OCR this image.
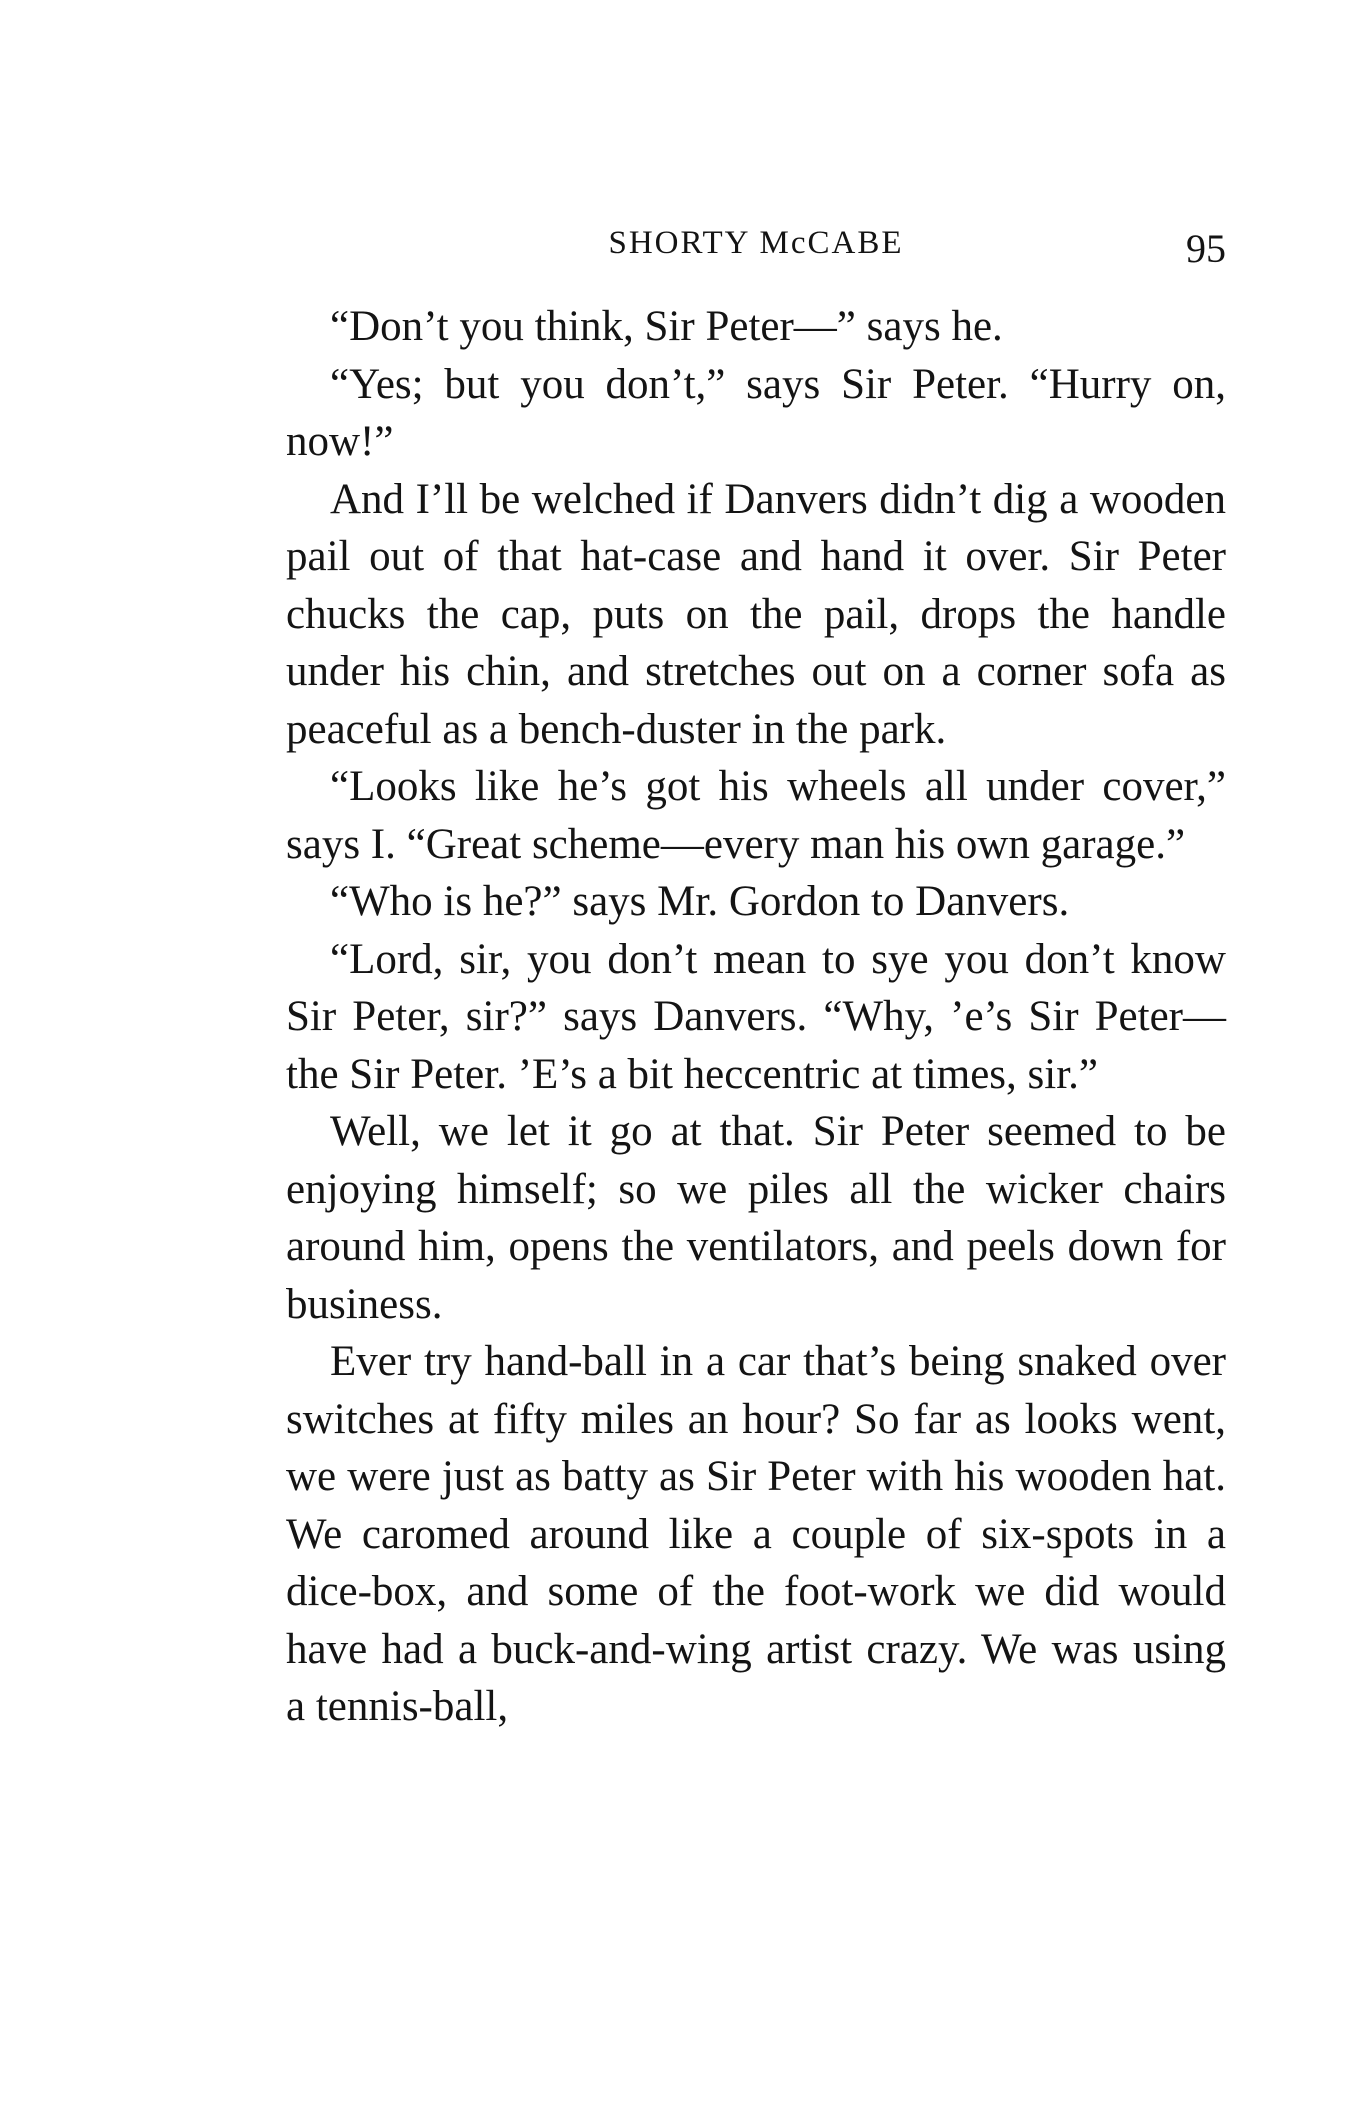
SHORTY McCABE	95

“Don’t you think, Sir Peter—” says he.

“Yes; but you don’t,” says Sir Peter. “Hurry on, now!”

And I’ll be welched if Danvers didn’t dig a wooden pail out of that hat-case and hand it over. Sir Peter chucks the cap, puts on the pail, drops the handle under his chin, and stretches out on a corner sofa as peaceful as a bench-duster in the park.

“Looks like he’s got his wheels all under cover,” says I. “Great scheme—every man his own garage.”

“Who is he?” says Mr. Gordon to Danvers.

“Lord, sir, you don’t mean to sye you don’t know Sir Peter, sir?” says Danvers. “Why, ’e’s Sir Peter—the Sir Peter. ’E’s a bit heccentric at times, sir.”

Well, we let it go at that. Sir Peter seemed to be enjoying himself; so we piles all the wicker chairs around him, opens the ventilators, and peels down for business.

Ever try hand-ball in a car that’s being snaked over switches at fifty miles an hour? So far as looks went, we were just as batty as Sir Peter with his wooden hat. We caromed around like a couple of six-spots in a dice-box, and some of the foot-work we did would have had a buck-and-wing artist crazy. We was using a tennis-ball,
